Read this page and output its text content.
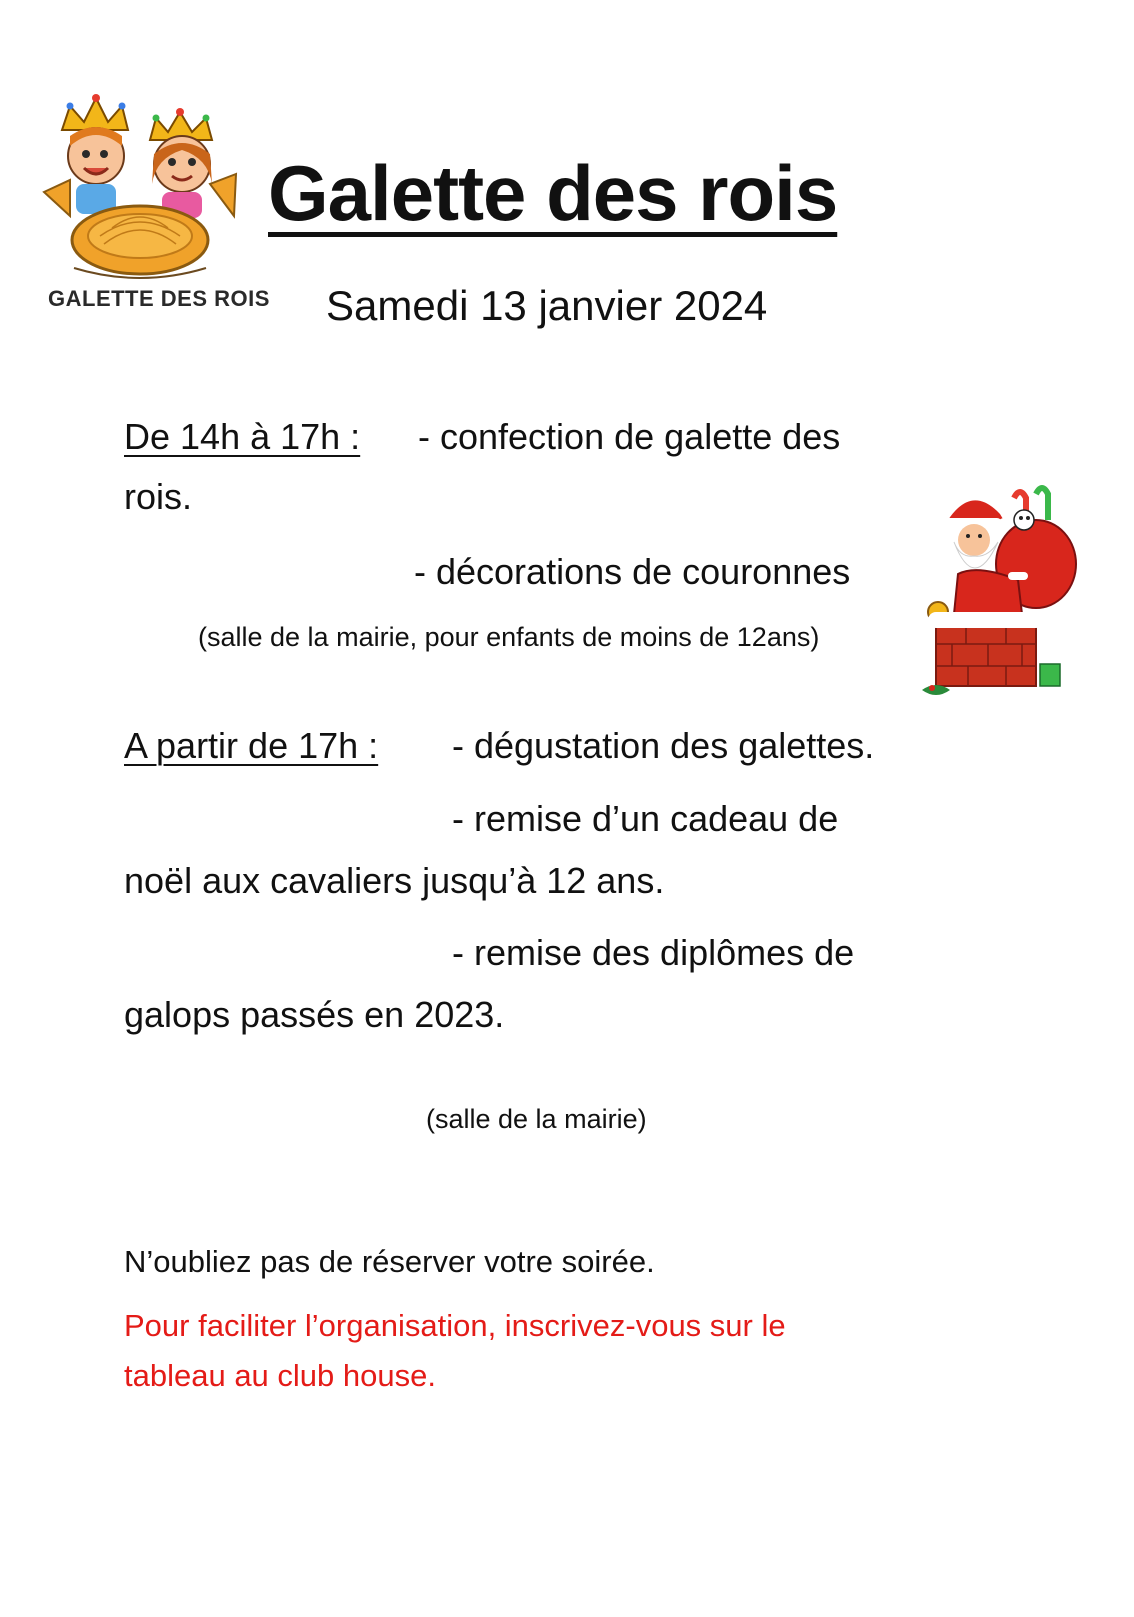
GALETTE DES ROIS
Galette des rois
Samedi 13 janvier 2024
De 14h à 17h : - confection de galette des
rois.
- décorations de couronnes
(salle de la mairie, pour enfants de moins de 12ans)
A partir de 17h : - dégustation des galettes.
- remise d’un cadeau de
noël aux cavaliers jusqu’à 12 ans.
- remise des diplômes de
galops passés en 2023.
(salle de la mairie)
N’oubliez pas de réserver votre soirée.
Pour faciliter l’organisation, inscrivez-vous sur le
tableau au club house.
